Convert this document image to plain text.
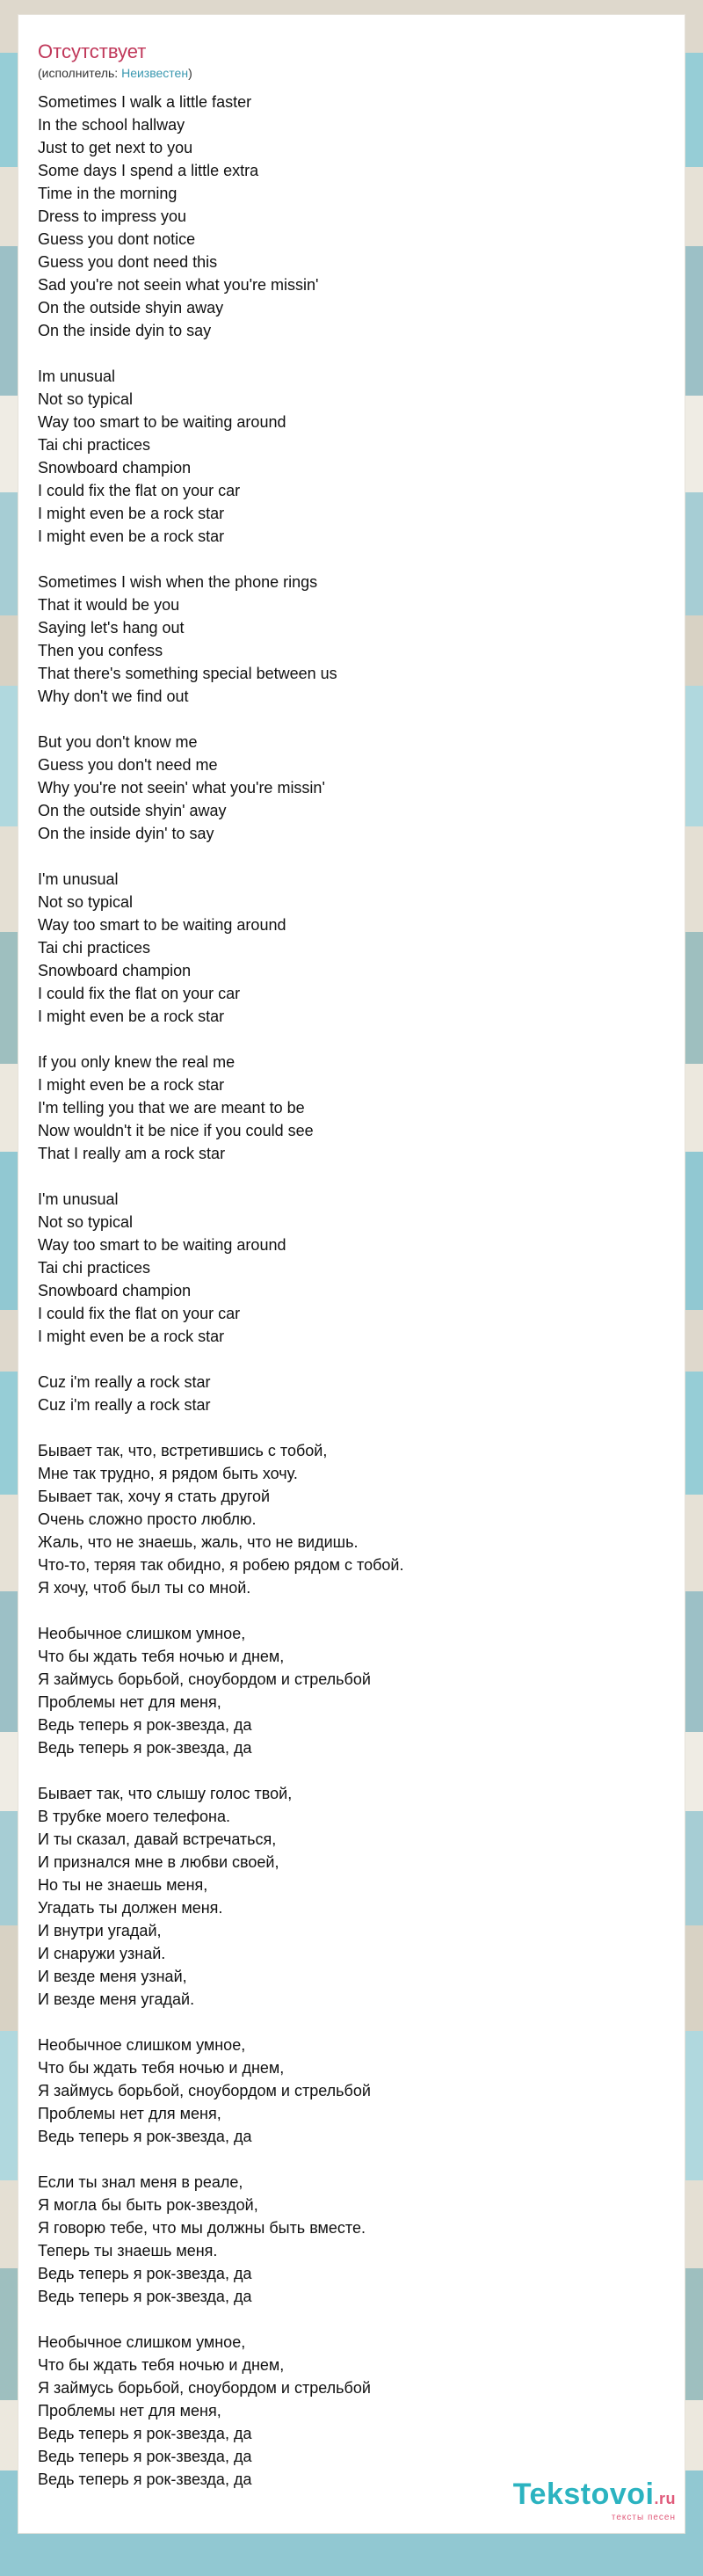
Отсутствует
(исполнитель: Неизвестен)
Sometimes I walk a little faster
In the school hallway
Just to get next to you
Some days I spend a little extra
Time in the morning
Dress to impress you
Guess you dont notice
Guess you dont need this
Sad you're not seein what you're missin'
On the outside shyin away
On the inside dyin to say
Im unusual
Not so typical
Way too smart to be waiting around
Tai chi practices
Snowboard champion
I could fix the flat on your car
I might even be a rock star
I might even be a rock star
Sometimes I wish when the phone rings
That it would be you
Saying let's hang out
Then you confess
That there's something special between us
Why don't we find out
But you don't know me
Guess you don't need me
Why you're not seein' what you're missin'
On the outside shyin' away
On the inside dyin' to say
I'm unusual
Not so typical
Way too smart to be waiting around
Tai chi practices
Snowboard champion
I could fix the flat on your car
I might even be a rock star
If you only knew the real me
I might even be a rock star
I'm telling you that we are meant to be
Now wouldn't it be nice if you could see
That I really am a rock star
I'm unusual
Not so typical
Way too smart to be waiting around
Tai chi practices
Snowboard champion
I could fix the flat on your car
I might even be a rock star
Cuz i'm really a rock star
Cuz i'm really a rock star
Бывает так, что, встретившись с тобой,
Мне так трудно, я рядом быть хочу.
Бывает так, хочу я стать другой
Очень сложно просто люблю.
Жаль, что не знаешь, жаль, что не видишь.
Что-то, теряя так обидно, я робею рядом с тобой.
Я хочу, чтоб был ты со мной.
Необычное слишком умное,
Что бы ждать тебя ночью и днем,
Я займусь борьбой, сноубордом и стрельбой
Проблемы нет для меня,
Ведь теперь я рок-звезда, да
Ведь теперь я рок-звезда, да
Бывает так, что слышу голос твой,
В трубке моего телефона.
И ты сказал, давай встречаться,
И признался мне в любви своей,
Но ты не знаешь меня,
Угадать ты должен меня.
И внутри угадай,
И снаружи узнай.
И везде меня узнай,
И везде меня угадай.
Необычное слишком умное,
Что бы ждать тебя ночью и днем,
Я займусь борьбой, сноубордом и стрельбой
Проблемы нет для меня,
Ведь теперь я рок-звезда, да
Если ты знал меня в реале,
Я могла бы быть рок-звездой,
Я говорю тебе, что мы должны быть вместе.
Теперь ты знаешь меня.
Ведь теперь я рок-звезда, да
Ведь теперь я рок-звезда, да
Необычное слишком умное,
Что бы ждать тебя ночью и днем,
Я займусь борьбой, сноубордом и стрельбой
Проблемы нет для меня,
Ведь теперь я рок-звезда, да
Ведь теперь я рок-звезда, да
Ведь теперь я рок-звезда, да	Tekstovoi.ru
тексты песен
